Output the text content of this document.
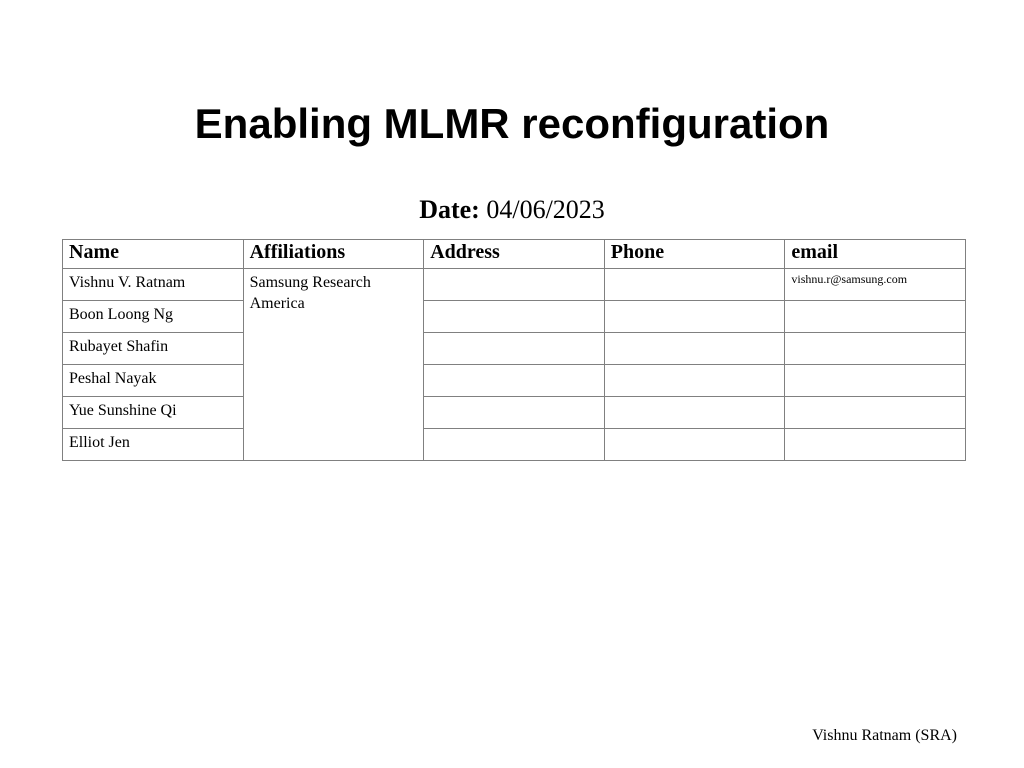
Enabling MLMR reconfiguration
Date: 04/06/2023
Name	Affiliations	Address	Phone	email
Vishnu V. Ratnam	Samsung Research America			vishnu.r@samsung.com
Boon Loong Ng				
Rubayet Shafin				
Peshal Nayak				
Yue Sunshine Qi				
Elliot Jen				
Vishnu Ratnam (SRA)
